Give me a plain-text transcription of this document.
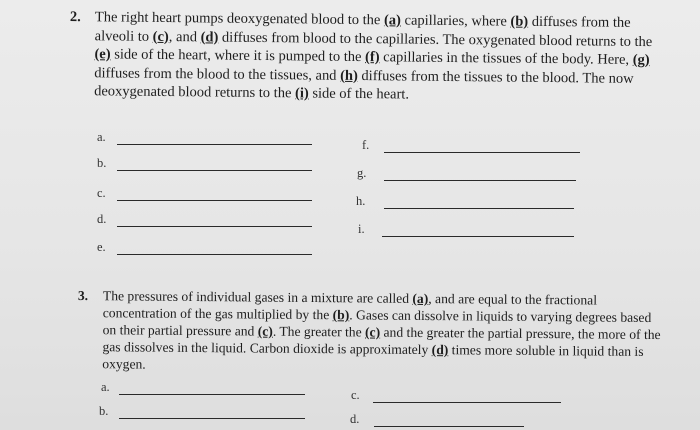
2. The right heart pumps deoxygenated blood to the (a) capillaries, where (b) diffuses from the alveoli to (c), and (d) diffuses from blood to the capillaries. The oxygenated blood returns to the (e) side of the heart, where it is pumped to the (f) capillaries in the tissues of the body. Here, (g) diffuses from the blood to the tissues, and (h) diffuses from the tissues to the blood. The now deoxygenated blood returns to the (i) side of the heart.
a.
b.
c.
d.
e.
f.
g.
h.
i.
3. The pressures of individual gases in a mixture are called (a), and are equal to the fractional concentration of the gas multiplied by the (b). Gases can dissolve in liquids to varying degrees based on their partial pressure and (c). The greater the (c) and the greater the partial pressure, the more of the gas dissolves in the liquid. Carbon dioxide is approximately (d) times more soluble in liquid than is oxygen.
a.
b.
c.
d.
